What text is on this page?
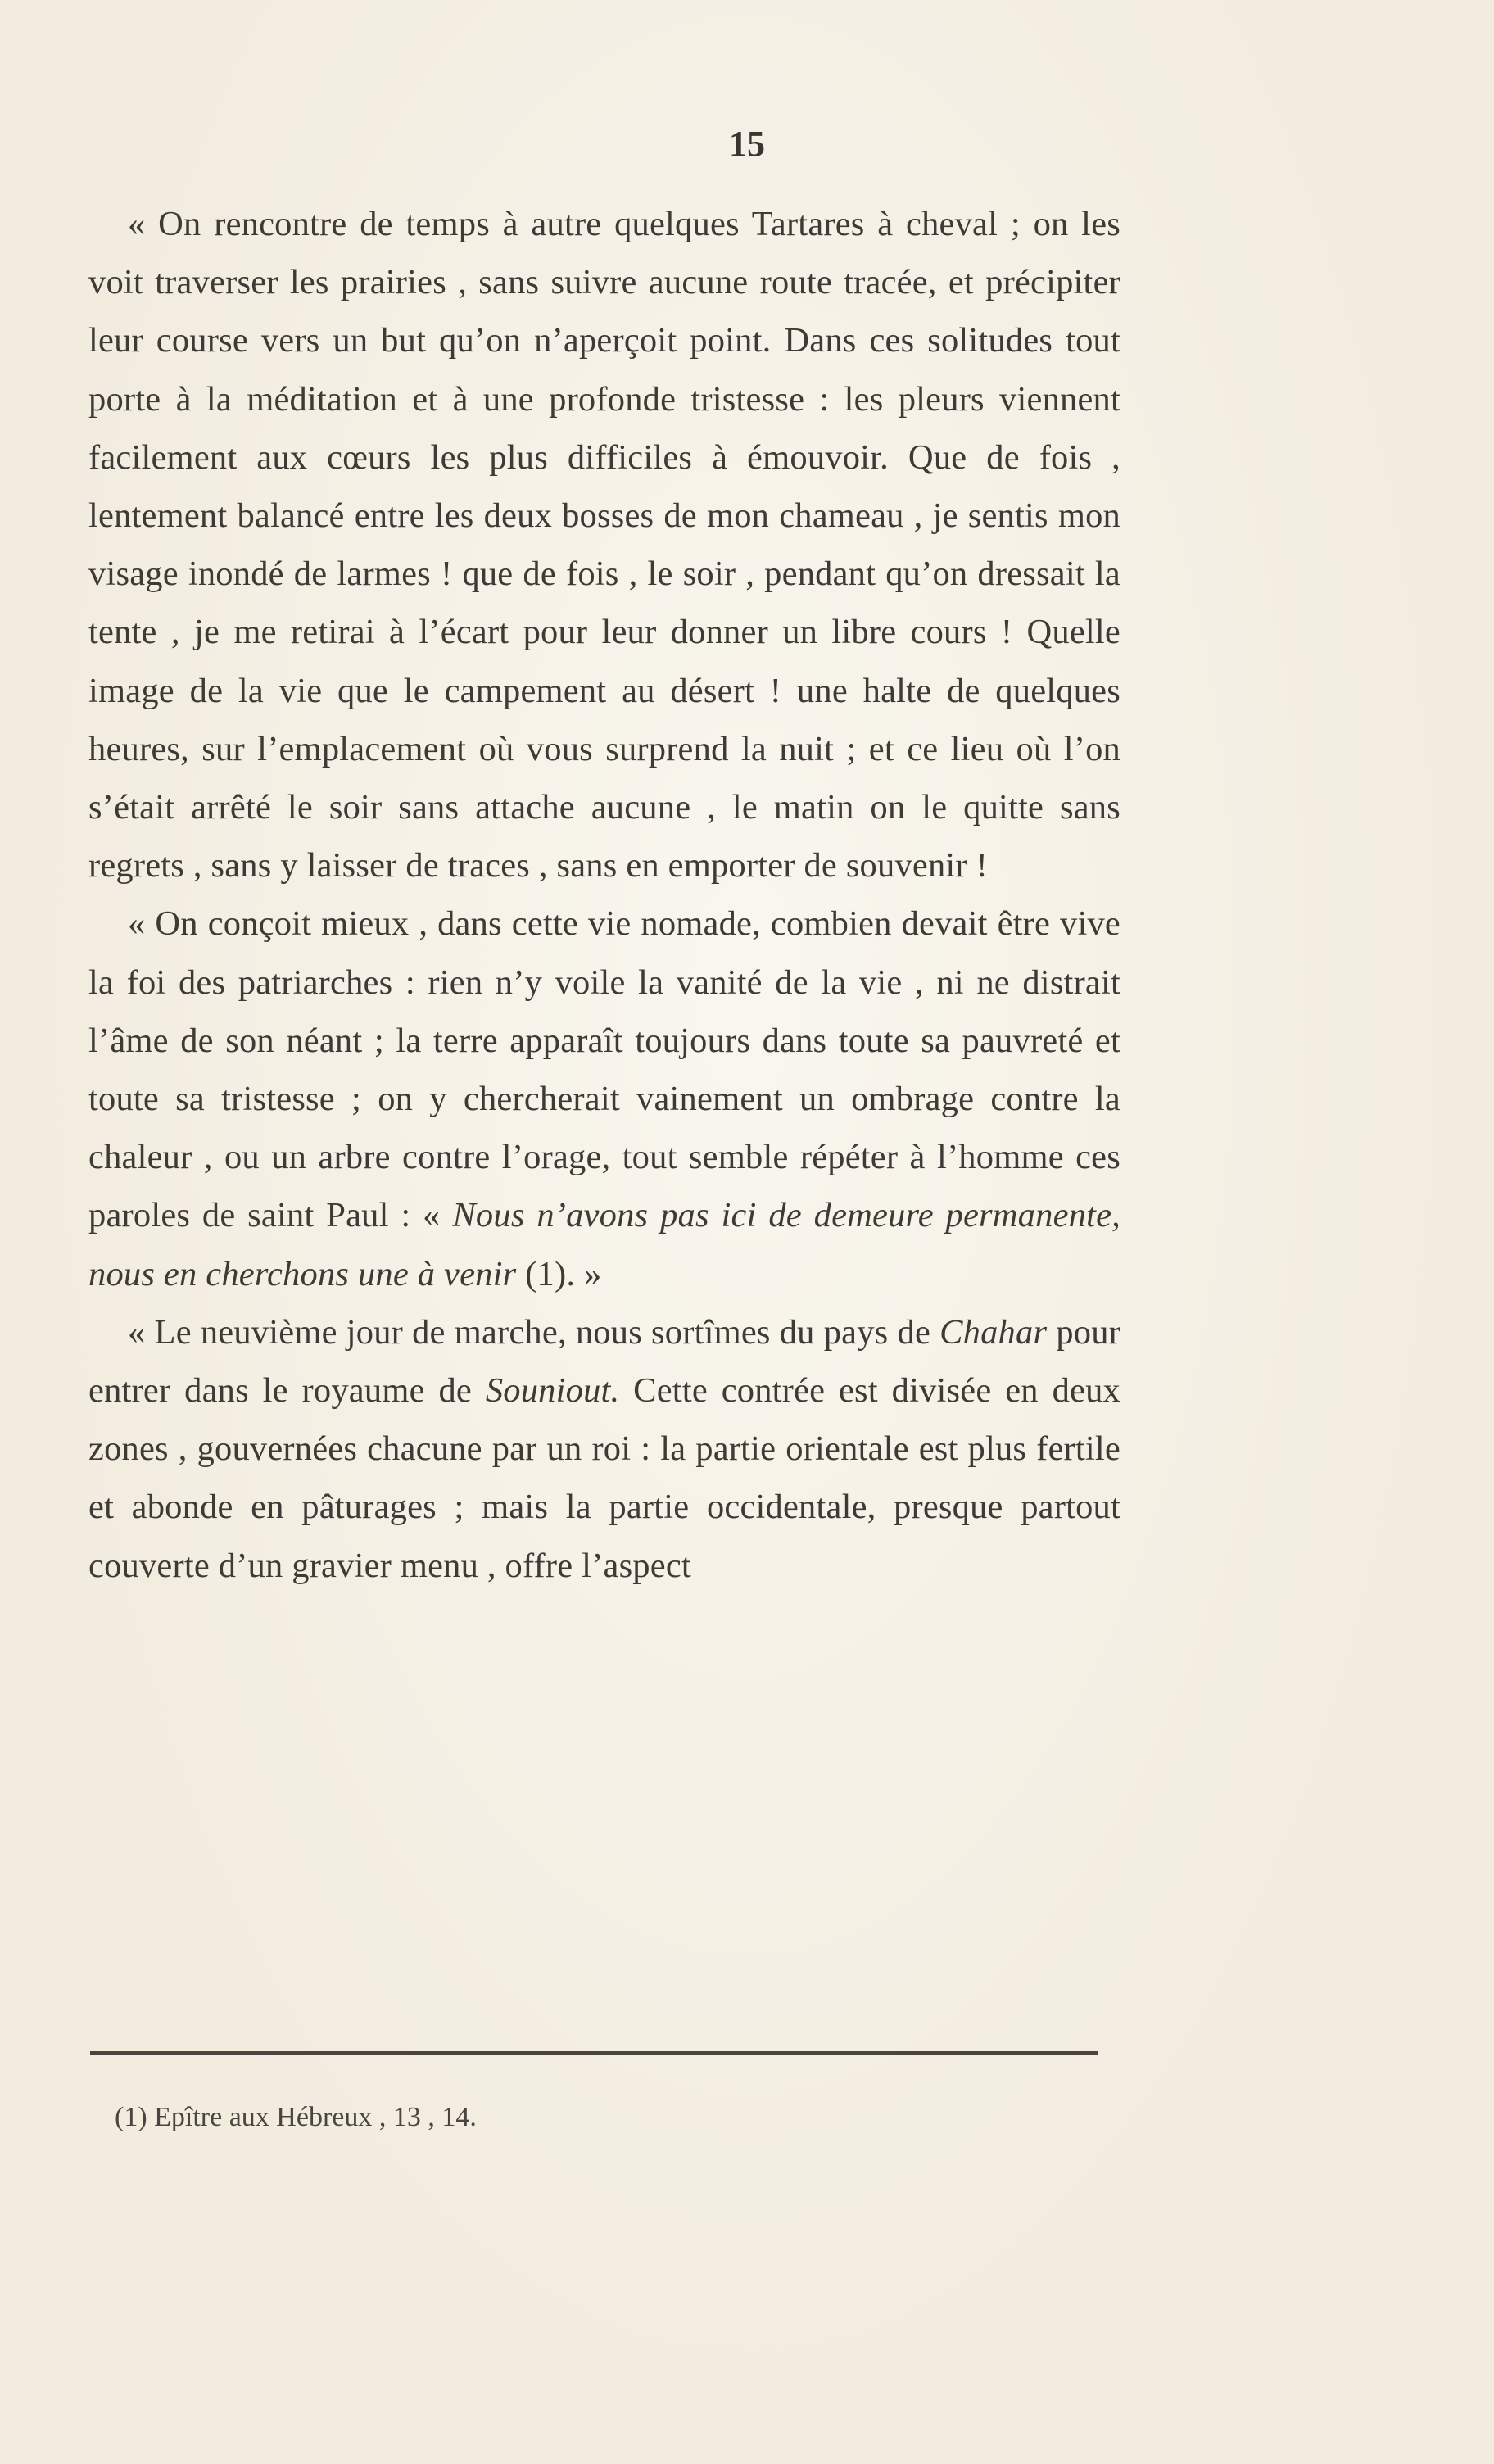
15

« On rencontre de temps à autre quelques Tartares à cheval ; on les voit traverser les prairies , sans suivre aucune route tracée, et précipiter leur course vers un but qu’on n’aperçoit point. Dans ces solitudes tout porte à la méditation et à une profonde tristesse : les pleurs viennent facilement aux cœurs les plus difficiles à émouvoir. Que de fois , lentement balancé entre les deux bosses de mon chameau , je sentis mon visage inondé de larmes ! que de fois , le soir , pendant qu’on dressait la tente , je me retirai à l’écart pour leur donner un libre cours ! Quelle image de la vie que le campement au désert ! une halte de quelques heures, sur l’emplacement où vous surprend la nuit ; et ce lieu où l’on s’était arrêté le soir sans attache aucune , le matin on le quitte sans regrets , sans y laisser de traces , sans en emporter de souvenir !

« On conçoit mieux , dans cette vie nomade, combien devait être vive la foi des patriarches : rien n’y voile la vanité de la vie , ni ne distrait l’âme de son néant ; la terre apparaît toujours dans toute sa pauvreté et toute sa tristesse ; on y chercherait vainement un ombrage contre la chaleur , ou un arbre contre l’orage, tout semble répéter à l’homme ces paroles de saint Paul : « Nous n’avons pas ici de demeure permanente, nous en cherchons une à venir (1). »

« Le neuvième jour de marche, nous sortîmes du pays de Chahar pour entrer dans le royaume de Souniout. Cette contrée est divisée en deux zones , gouvernées chacune par un roi : la partie orientale est plus fertile et abonde en pâturages ; mais la partie occidentale, presque partout couverte d’un gravier menu , offre l’aspect

(1) Epître aux Hébreux , 13 , 14.
